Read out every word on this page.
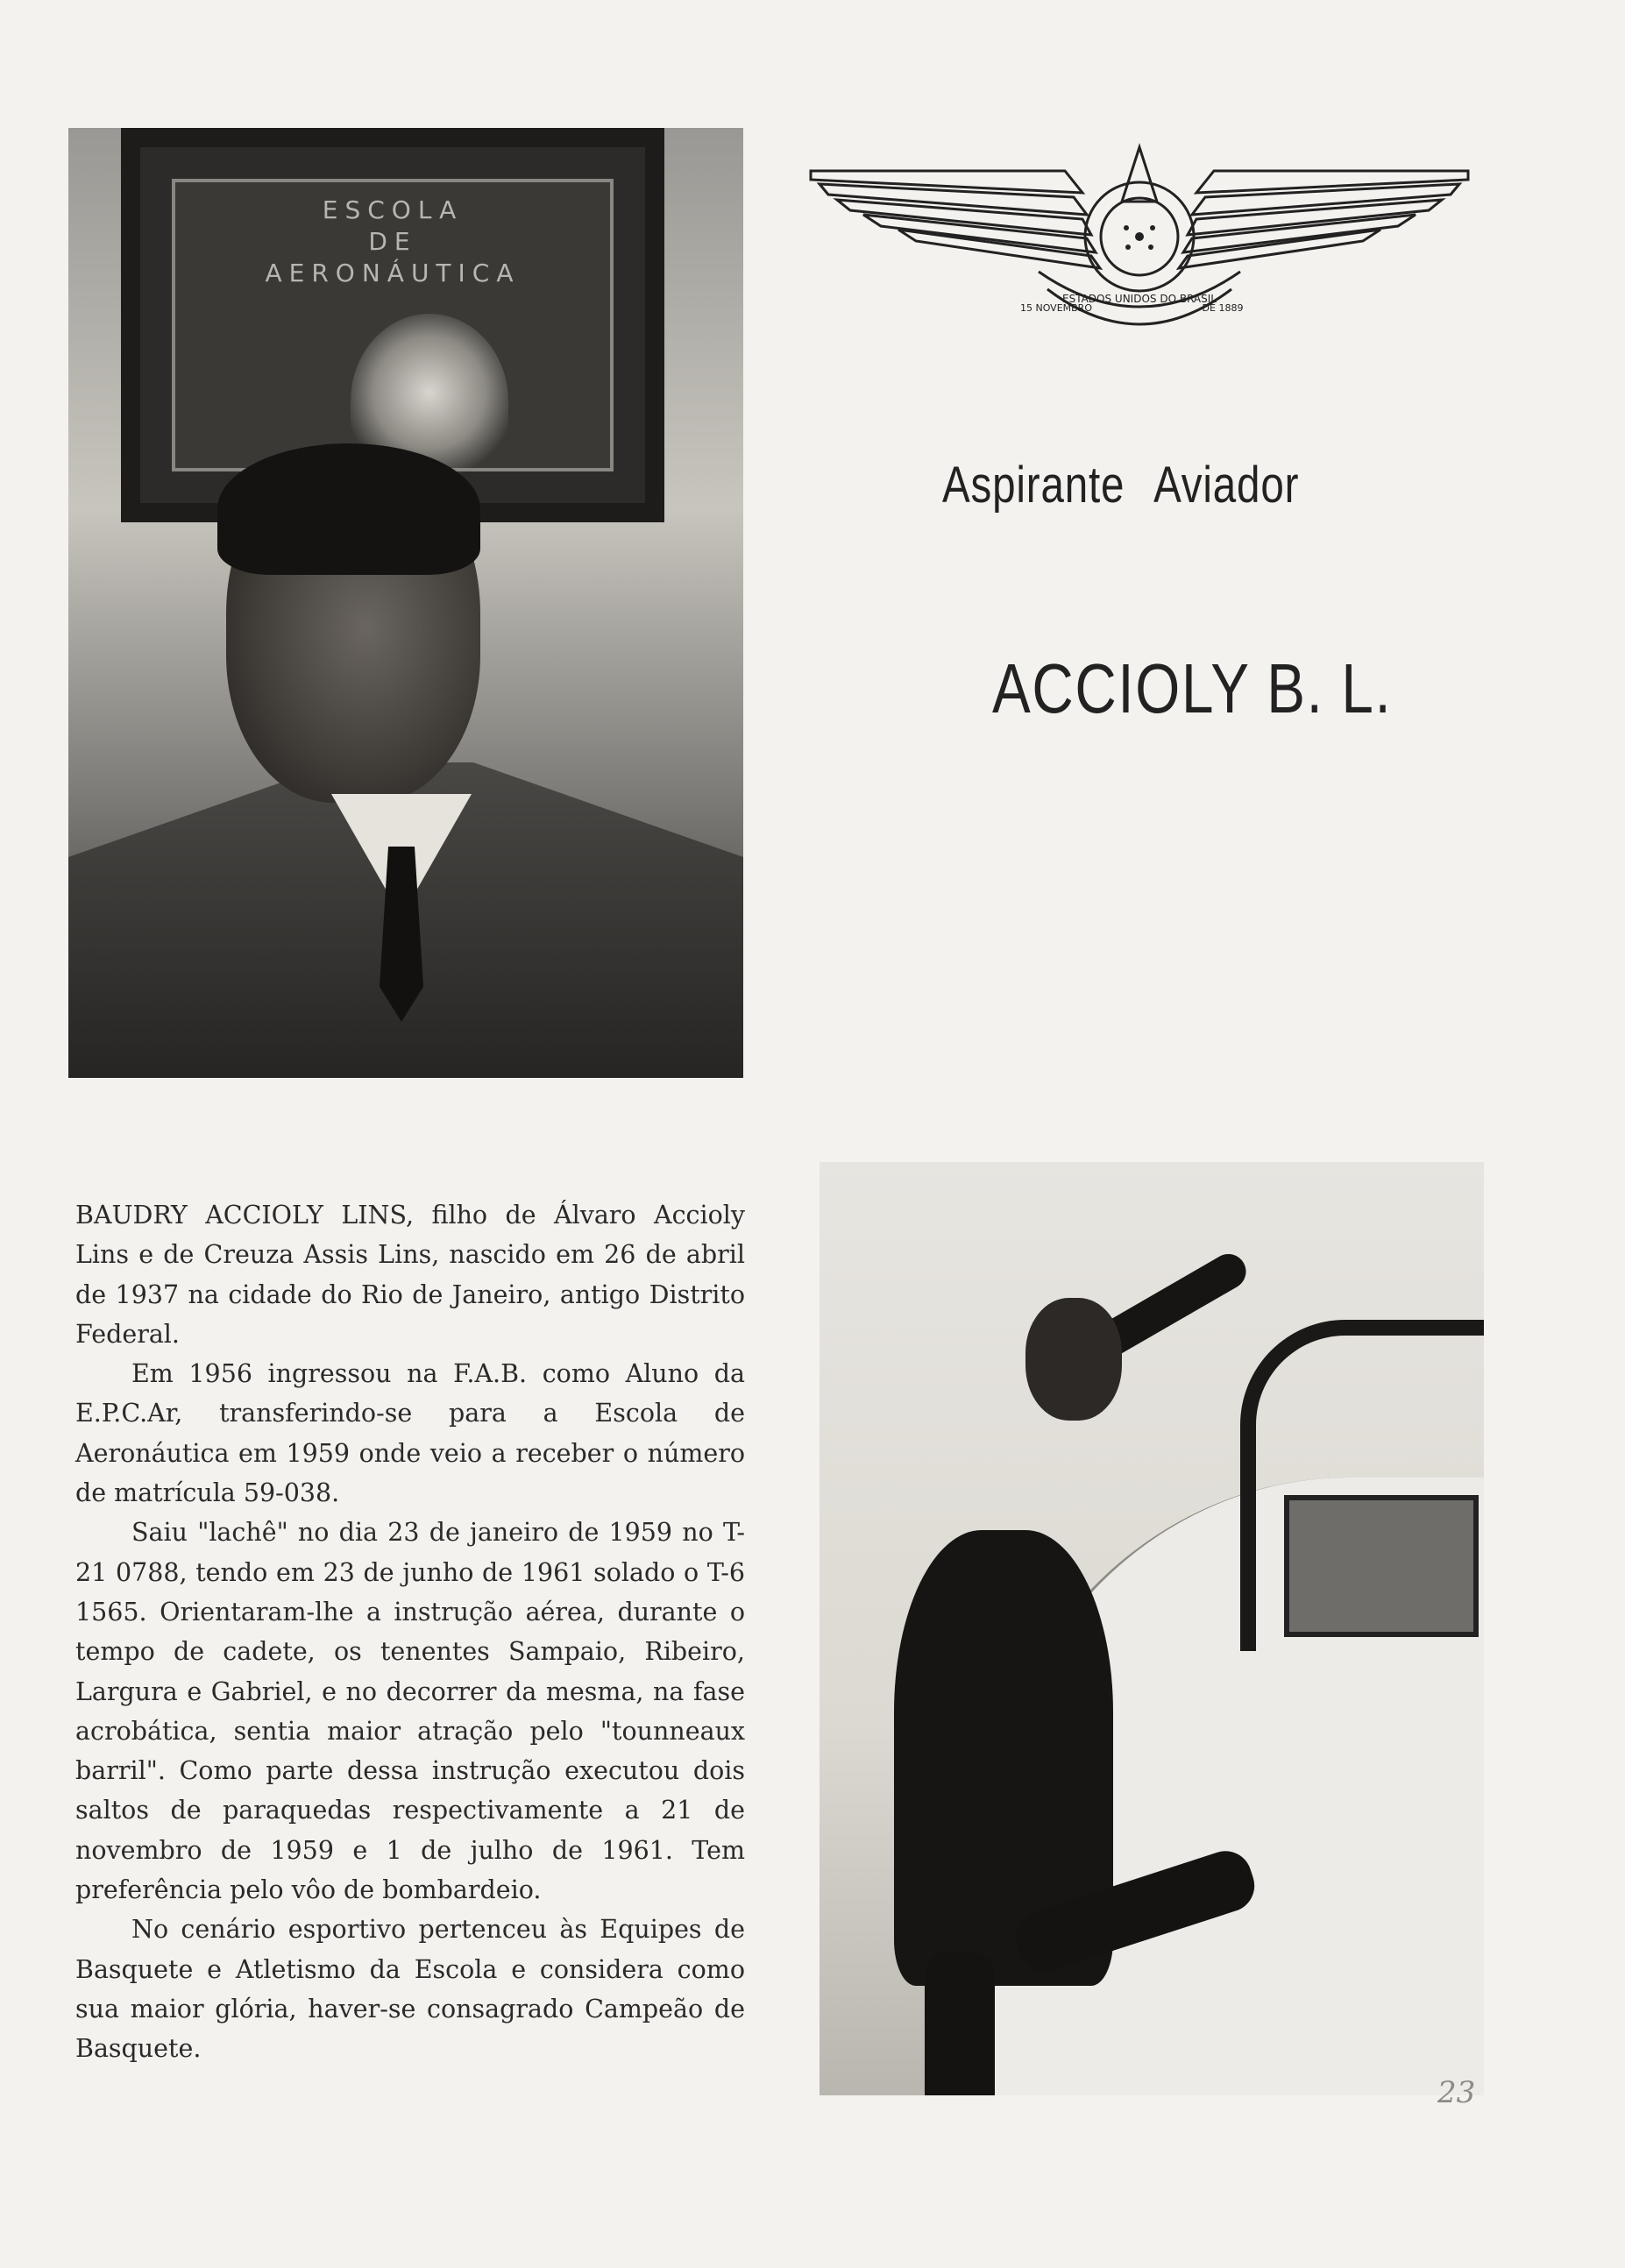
ESCOLA
DE
AERONÁUTICA
ESTADOS UNIDOS DO BRASIL
15 NOVEMBRO	DE 1889
Aspirante Aviador
ACCIOLY B. L.

BAUDRY ACCIOLY LINS, filho de Álvaro Accioly Lins e de Creuza Assis Lins, nascido em 26 de abril de 1937 na cidade do Rio de Janeiro, antigo Distrito Federal.

Em 1956 ingressou na F.A.B. como Aluno da E.P.C.Ar, transferindo-se para a Escola de Aeronáutica em 1959 onde veio a receber o número de matrícula 59-038.

Saiu "lachê" no dia 23 de janeiro de 1959 no T-21 0788, tendo em 23 de junho de 1961 solado o T-6 1565. Orientaram-lhe a instrução aérea, durante o tempo de cadete, os tenentes Sampaio, Ribeiro, Largura e Gabriel, e no decorrer da mesma, na fase acrobática, sentia maior atração pelo "tounneaux barril". Como parte dessa instrução executou dois saltos de paraquedas respectivamente a 21 de novembro de 1959 e 1 de julho de 1961. Tem preferência pelo vôo de bombardeio.

No cenário esportivo pertenceu às Equipes de Basquete e Atletismo da Escola e considera como sua maior glória, haver-se consagrado Campeão de Basquete.

23
